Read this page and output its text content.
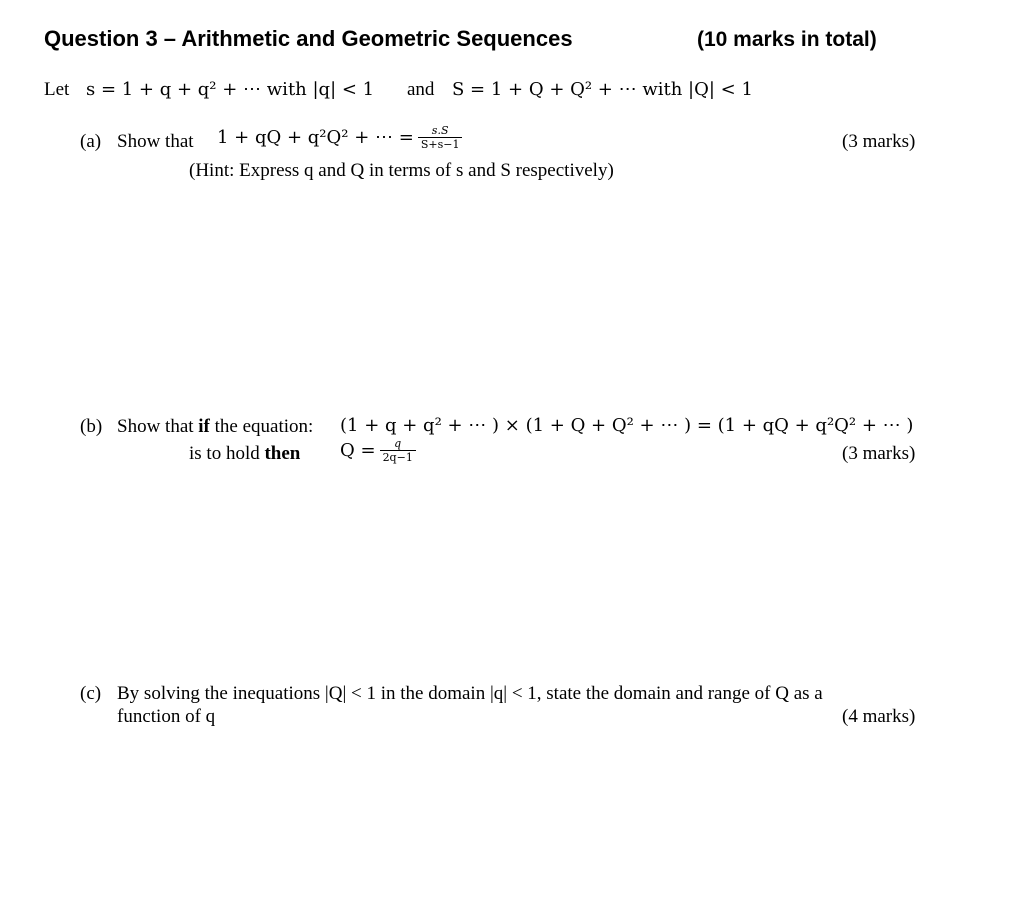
Question 3 – Arithmetic and Geometric Sequences	(10 marks in total)
Let s = 1 + q + q² + ⋯ with |q| < 1 and S = 1 + Q + Q² + ⋯ with |Q| < 1
(a) Show that 1 + qQ + q²Q² + ⋯ = $\frac{s.S}{S+s-1}$	(3 marks)
(Hint: Express q and Q in terms of s and S respectively)
(b) Show that if the equation: (1 + q + q² + ⋯ ) × (1 + Q + Q² + ⋯ ) = (1 + qQ + q²Q² + ⋯ )
is to hold then $Q = \frac{q}{2q-1}$	(3 marks)
(c) By solving the inequations |Q| < 1 in the domain |q| < 1, state the domain and range of Q as a
function of q	(4 marks)
